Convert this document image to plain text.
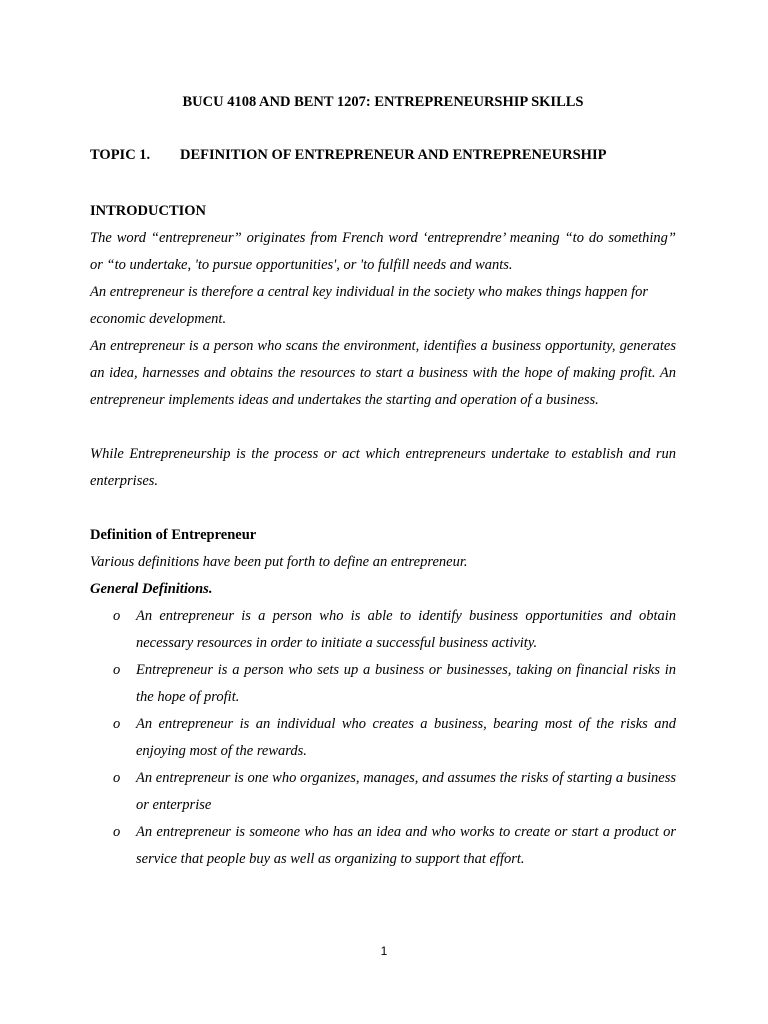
BUCU 4108 AND BENT 1207: ENTREPRENEURSHIP SKILLS
TOPIC 1. DEFINITION OF ENTREPRENEUR AND ENTREPRENEURSHIP
INTRODUCTION
The word “entrepreneur” originates from French word ‘entreprendre’ meaning “to do something” or “to undertake, 'to pursue opportunities', or 'to fulfill needs and wants.
An entrepreneur is therefore a central key individual in the society who makes things happen for economic development.
An entrepreneur is a person who scans the environment, identifies a business opportunity, generates an idea, harnesses and obtains the resources to start a business with the hope of making profit. An entrepreneur implements ideas and undertakes the starting and operation of a business.
While Entrepreneurship is the process or act which entrepreneurs undertake to establish and run enterprises.
Definition of Entrepreneur
Various definitions have been put forth to define an entrepreneur.
General Definitions.
o An entrepreneur is a person who is able to identify business opportunities and obtain necessary resources in order to initiate a successful business activity.
o Entrepreneur is a person who sets up a business or businesses, taking on financial risks in the hope of profit.
o An entrepreneur is an individual who creates a business, bearing most of the risks and enjoying most of the rewards.
o An entrepreneur is one who organizes, manages, and assumes the risks of starting a business or enterprise
o An entrepreneur is someone who has an idea and who works to create or start a product or service that people buy as well as organizing to support that effort.
1
